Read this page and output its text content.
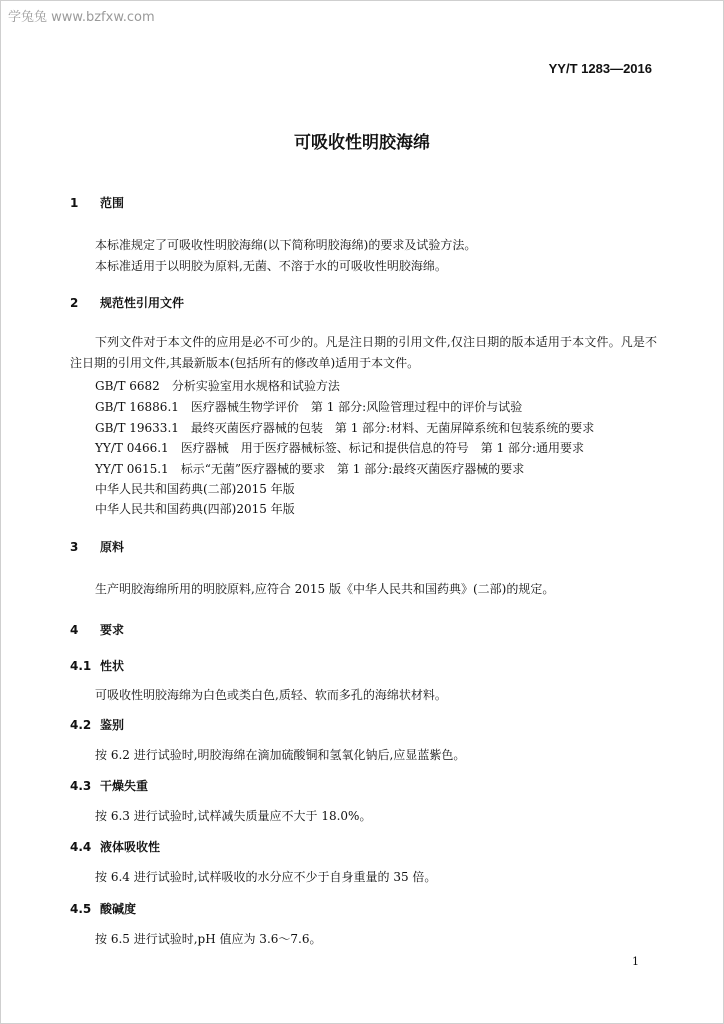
学兔兔 www.bzfxw.com
YY/T 1283—2016
可吸收性明胶海绵
1 范围
本标准规定了可吸收性明胶海绵(以下简称明胶海绵)的要求及试验方法。
本标准适用于以明胶为原料,无菌、不溶于水的可吸收性明胶海绵。
2 规范性引用文件
下列文件对于本文件的应用是必不可少的。凡是注日期的引用文件,仅注日期的版本适用于本文件。凡是不注日期的引用文件,其最新版本(包括所有的修改单)适用于本文件。
GB/T 6682 分析实验室用水规格和试验方法
GB/T 16886.1 医疗器械生物学评价　第 1 部分:风险管理过程中的评价与试验
GB/T 19633.1 最终灭菌医疗器械的包装　第 1 部分:材料、无菌屏障系统和包装系统的要求
YY/T 0466.1 医疗器械　用于医疗器械标签、标记和提供信息的符号　第 1 部分:通用要求
YY/T 0615.1 标示“无菌”医疗器械的要求　第 1 部分:最终灭菌医疗器械的要求
中华人民共和国药典(二部)2015 年版
中华人民共和国药典(四部)2015 年版
3 原料
生产明胶海绵所用的明胶原料,应符合 2015 版《中华人民共和国药典》(二部)的规定。
4 要求
4.1 性状
可吸收性明胶海绵为白色或类白色,质轻、软而多孔的海绵状材料。
4.2 鉴别
按 6.2 进行试验时,明胶海绵在滴加硫酸铜和氢氧化钠后,应显蓝紫色。
4.3 干燥失重
按 6.3 进行试验时,试样减失质量应不大于 18.0%。
4.4 液体吸收性
按 6.4 进行试验时,试样吸收的水分应不少于自身重量的 35 倍。
4.5 酸碱度
按 6.5 进行试验时,pH 值应为 3.6～7.6。
1
